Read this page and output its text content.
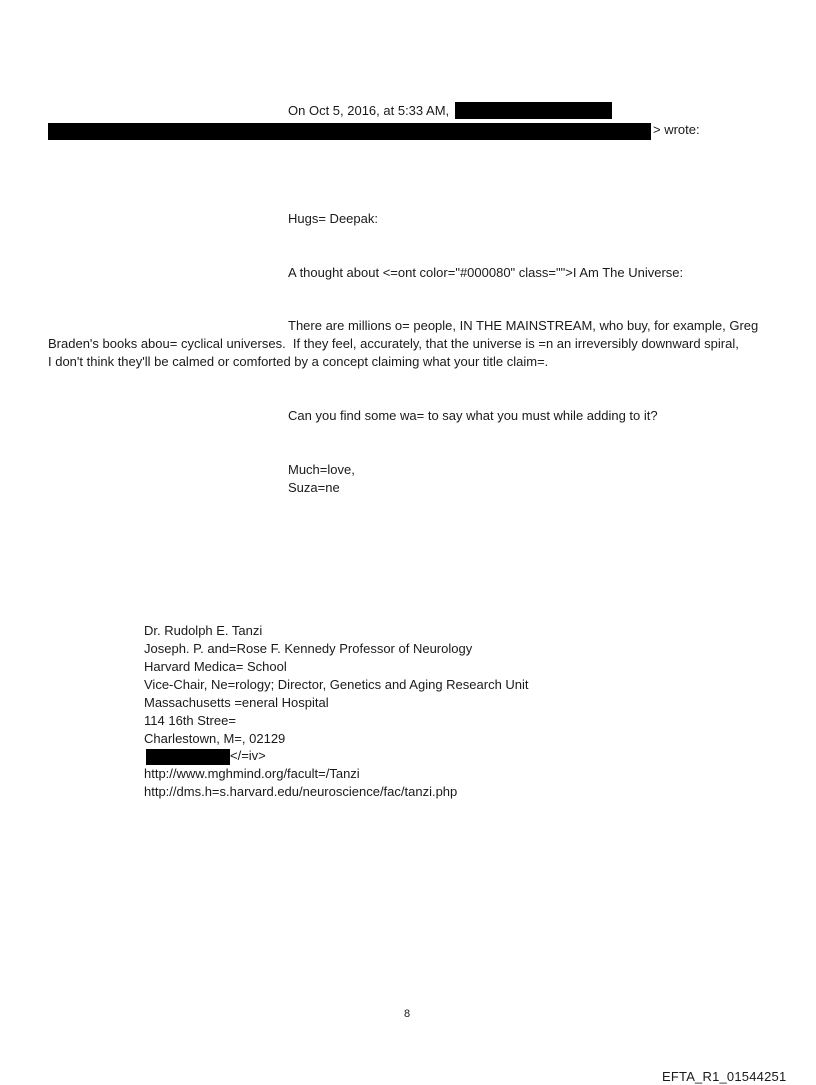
On Oct 5, 2016, at 5:33 AM,

> wrote:

Hugs= Deepak:

A thought about <=ont color="#000080" class="">I Am The Universe:

There are millions o= people, IN THE MAINSTREAM, who buy, for example, Greg

Braden's books abou= cyclical universes.  If they feel, accurately, that the universe is =n an irreversibly downward spiral,

I don't think they'll be calmed or comforted by a concept claiming what your title claim=.

Can you find some wa= to say what you must while adding to it?

Much=love,

Suza=ne

Dr. Rudolph E. Tanzi

Joseph. P. and=Rose F. Kennedy Professor of Neurology

Harvard Medica= School

Vice-Chair, Ne=rology; Director, Genetics and Aging Research Unit

Massachusetts =eneral Hospital

114 16th Stree=

Charlestown, M=, 02129

</=iv>

http://www.mghmind.org/facult=/Tanzi

http://dms.h=s.harvard.edu/neuroscience/fac/tanzi.php

8

EFTA_R1_01544251
